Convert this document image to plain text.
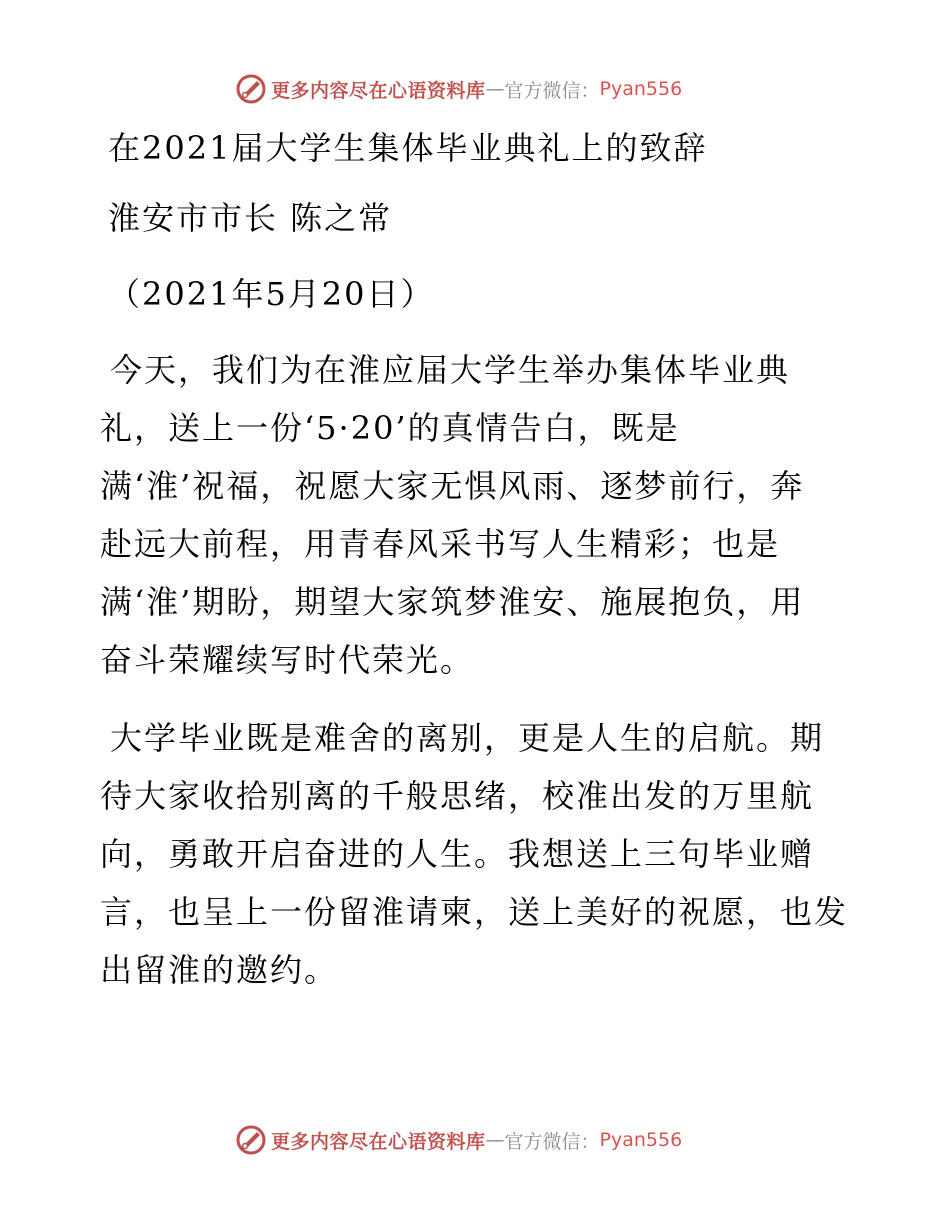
更多内容尽在心语资料库 — 官方微信： Pyan556
在2021届大学生集体毕业典礼上的致辞
淮安市市长 陈之常
（2021年5月20日）
今天，我们为在淮应届大学生举办集体毕业典
礼，送上一份‘5·20’的真情告白，既是
满‘淮’祝福，祝愿大家无惧风雨、逐梦前行，奔
赴远大前程，用青春风采书写人生精彩；也是
满‘淮’期盼，期望大家筑梦淮安、施展抱负，用
奋斗荣耀续写时代荣光。
大学毕业既是难舍的离别，更是人生的启航。期
待大家收拾别离的千般思绪，校准出发的万里航
向，勇敢开启奋进的人生。我想送上三句毕业赠
言，也呈上一份留淮请柬，送上美好的祝愿，也发
出留淮的邀约。
更多内容尽在心语资料库 — 官方微信： Pyan556
